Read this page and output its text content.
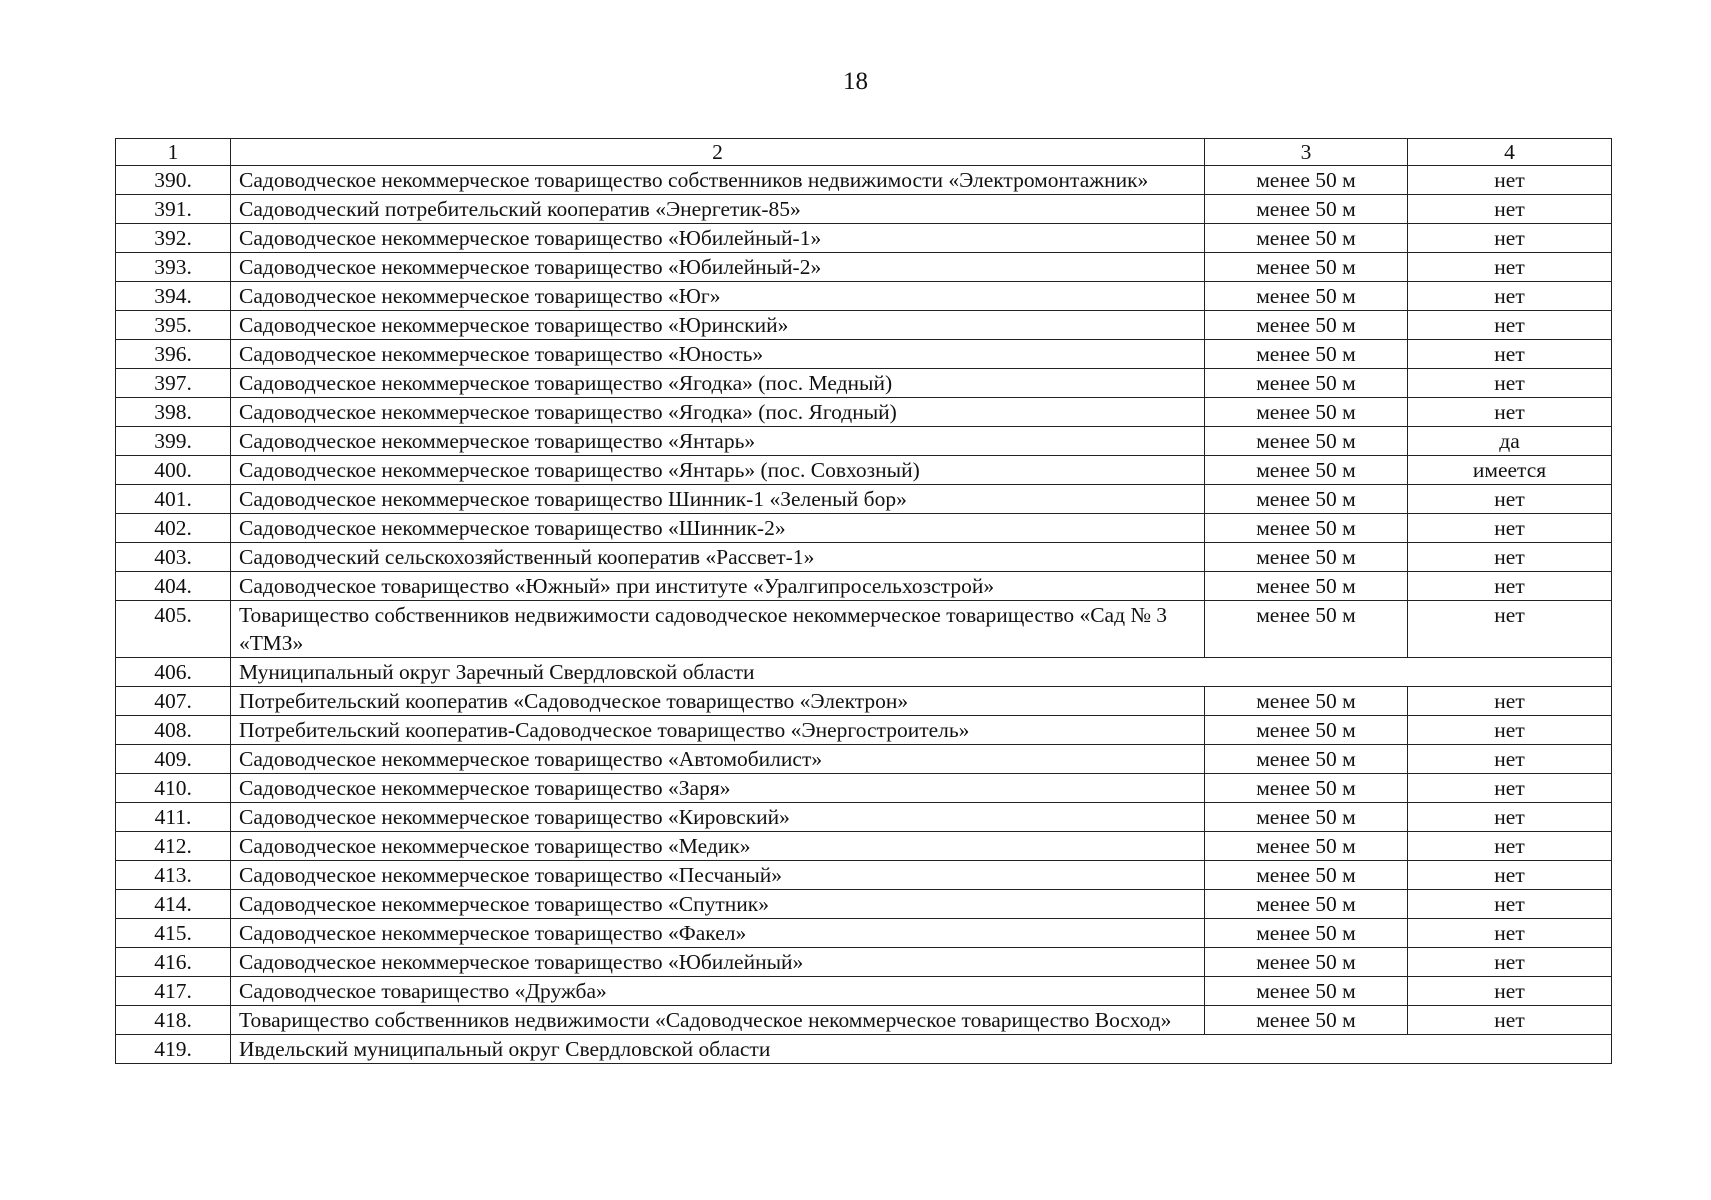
18
1	2	3	4
390.	Садоводческое некоммерческое товарищество собственников недвижимости «Электромонтажник»	менее 50 м	нет
391.	Садоводческий потребительский кооператив «Энергетик-85»	менее 50 м	нет
392.	Садоводческое некоммерческое товарищество «Юбилейный-1»	менее 50 м	нет
393.	Садоводческое некоммерческое товарищество «Юбилейный-2»	менее 50 м	нет
394.	Садоводческое некоммерческое товарищество «Юг»	менее 50 м	нет
395.	Садоводческое некоммерческое товарищество «Юринский»	менее 50 м	нет
396.	Садоводческое некоммерческое товарищество «Юность»	менее 50 м	нет
397.	Садоводческое некоммерческое товарищество «Ягодка» (пос. Медный)	менее 50 м	нет
398.	Садоводческое некоммерческое товарищество «Ягодка» (пос. Ягодный)	менее 50 м	нет
399.	Садоводческое некоммерческое товарищество «Янтарь»	менее 50 м	да
400.	Садоводческое некоммерческое товарищество «Янтарь» (пос. Совхозный)	менее 50 м	имеется
401.	Садоводческое некоммерческое товарищество Шинник-1 «Зеленый бор»	менее 50 м	нет
402.	Садоводческое некоммерческое товарищество «Шинник-2»	менее 50 м	нет
403.	Садоводческий сельскохозяйственный кооператив «Рассвет-1»	менее 50 м	нет
404.	Садоводческое товарищество «Южный» при институте «Уралгипросельхозстрой»	менее 50 м	нет
405.	Товарищество собственников недвижимости садоводческое некоммерческое товарищество «Сад № 3 «ТМЗ»	менее 50 м	нет
406.	Муниципальный округ Заречный Свердловской области		
407.	Потребительский кооператив «Садоводческое товарищество «Электрон»	менее 50 м	нет
408.	Потребительский кооператив-Садоводческое товарищество «Энергостроитель»	менее 50 м	нет
409.	Садоводческое некоммерческое товарищество «Автомобилист»	менее 50 м	нет
410.	Садоводческое некоммерческое товарищество «Заря»	менее 50 м	нет
411.	Садоводческое некоммерческое товарищество «Кировский»	менее 50 м	нет
412.	Садоводческое некоммерческое товарищество «Медик»	менее 50 м	нет
413.	Садоводческое некоммерческое товарищество «Песчаный»	менее 50 м	нет
414.	Садоводческое некоммерческое товарищество «Спутник»	менее 50 м	нет
415.	Садоводческое некоммерческое товарищество «Факел»	менее 50 м	нет
416.	Садоводческое некоммерческое товарищество «Юбилейный»	менее 50 м	нет
417.	Садоводческое товарищество «Дружба»	менее 50 м	нет
418.	Товарищество собственников недвижимости «Садоводческое некоммерческое товарищество Восход»	менее 50 м	нет
419.	Ивдельский муниципальный округ Свердловской области		
